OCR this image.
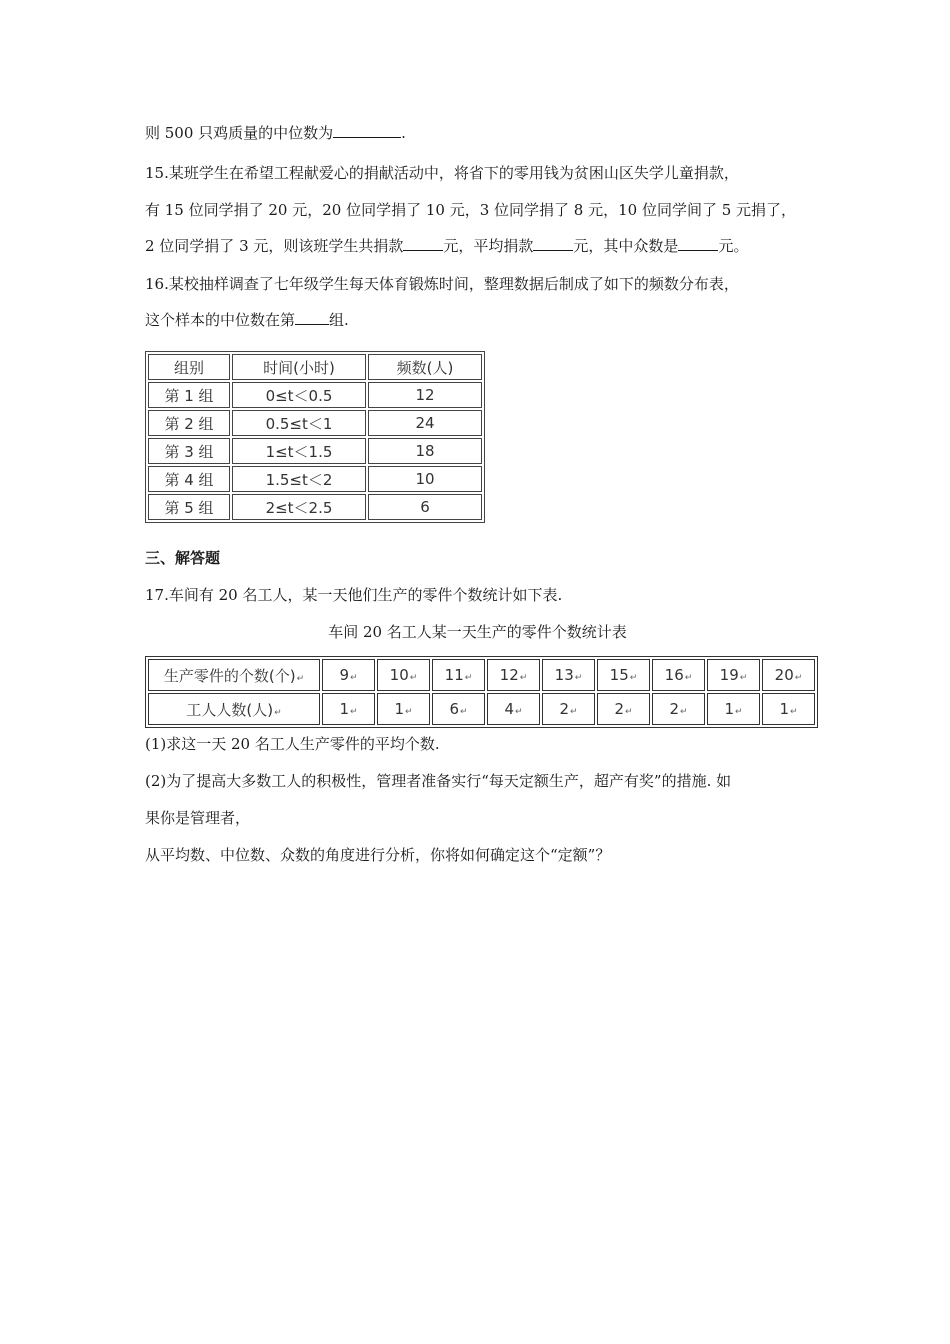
则 500 只鸡质量的中位数为	.
15.某班学生在希望工程献爱心的捐献活动中，将省下的零用钱为贫困山区失学儿童捐款，
有 15 位同学捐了 20 元，20 位同学捐了 10 元，3 位同学捐了 8 元，10 位同学间了 5 元捐了，
2 位同学捐了 3 元，则该班学生共捐款	元，平均捐款	元，其中众数是	元。
16.某校抽样调查了七年级学生每天体育锻炼时间，整理数据后制成了如下的频数分布表，
这个样本的中位数在第 组.
组别	时间(小时)	频数(人)
第 1 组	0≤t＜0.5	12
第 2 组	0.5≤t＜1	24
第 3 组	1≤t＜1.5	18
第 4 组	1.5≤t＜2	10
第 5 组	2≤t＜2.5	6
三、解答题
17.车间有 20 名工人，某一天他们生产的零件个数统计如下表.
车间 20 名工人某一天生产的零件个数统计表
生产零件的个数(个)↵	9↵	10↵	11↵	12↵	13↵	15↵	16↵	19↵	20↵
工人人数(人)↵	1↵	1↵	6↵	4↵	2↵	2↵	2↵	1↵	1↵
(1)求这一天 20 名工人生产零件的平均个数.
(2)为了提高大多数工人的积极性，管理者准备实行“每天定额生产，超产有奖”的措施. 如
果你是管理者，
从平均数、中位数、众数的角度进行分析，你将如何确定这个“定额”？
